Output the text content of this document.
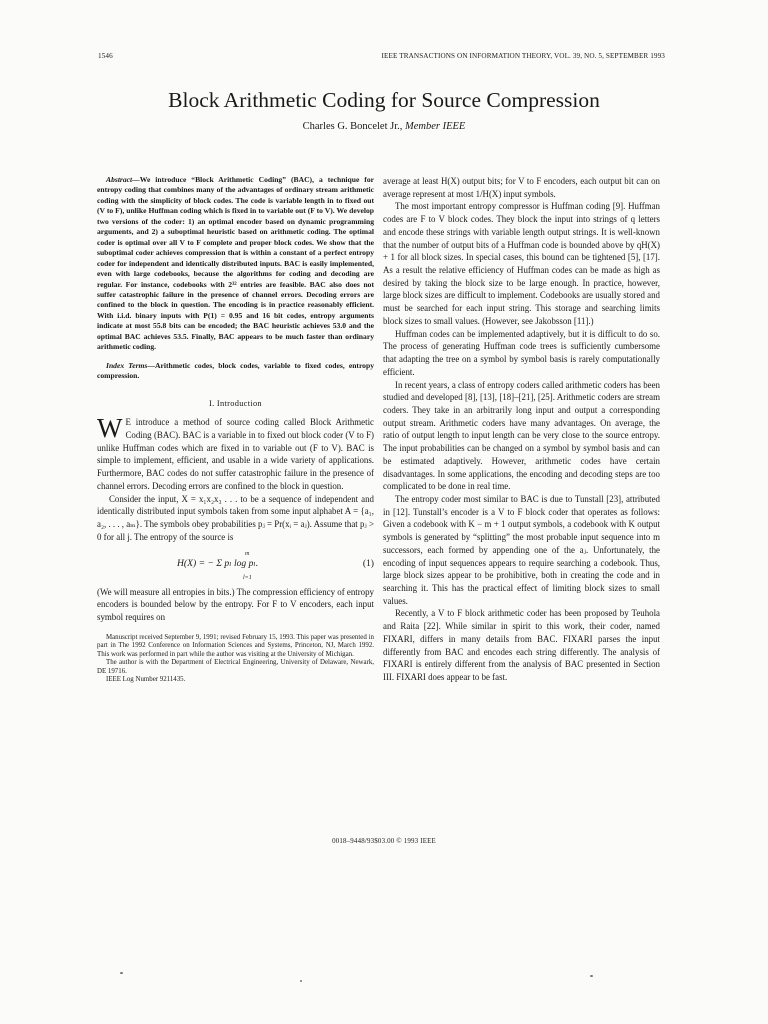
1546	IEEE TRANSACTIONS ON INFORMATION THEORY, VOL. 39, NO. 5, SEPTEMBER 1993
Block Arithmetic Coding for Source Compression
Charles G. Boncelet Jr., Member IEEE

Abstract—We introduce “Block Arithmetic Coding” (BAC), a technique for entropy coding that combines many of the advantages of ordinary stream arithmetic coding with the simplicity of block codes. The code is variable length in to fixed out (V to F), unlike Huffman coding which is fixed in to variable out (F to V). We develop two versions of the coder: 1) an optimal encoder based on dynamic programming arguments, and 2) a suboptimal heuristic based on arithmetic coding. The optimal coder is optimal over all V to F complete and proper block codes. We show that the suboptimal coder achieves compression that is within a constant of a perfect entropy coder for independent and identically distributed inputs. BAC is easily implemented, even with large codebooks, because the algorithms for coding and decoding are regular. For instance, codebooks with 2³² entries are feasible. BAC also does not suffer catastrophic failure in the presence of channel errors. Decoding errors are confined to the block in question. The encoding is in practice reasonably efficient. With i.i.d. binary inputs with P(1) = 0.95 and 16 bit codes, entropy arguments indicate at most 55.8 bits can be encoded; the BAC heuristic achieves 53.0 and the optimal BAC achieves 53.5. Finally, BAC appears to be much faster than ordinary arithmetic coding.

Index Terms—Arithmetic codes, block codes, variable to fixed codes, entropy compression.

I. Introduction

W E introduce a method of source coding called Block Arithmetic Coding (BAC). BAC is a variable in to fixed out block coder (V to F) unlike Huffman codes which are fixed in to variable out (F to V). BAC is simple to implement, efficient, and usable in a wide variety of applications. Furthermore, BAC codes do not suffer catastrophic failure in the presence of channel errors. Decoding errors are confined to the block in question.

Consider the input, X = x₁x₂x₃ . . . to be a sequence of independent and identically distributed input symbols taken from some input alphabet A = {a₁, a₂, . . . , aₘ}. The symbols obey probabilities pⱼ = Pr(xᵢ = aⱼ). Assume that pⱼ > 0 for all j. The entropy of the source is

H(X) = − Σ pₗ log pₗ.
m
l=1
(1)

(We will measure all entropies in bits.) The compression efficiency of entropy encoders is bounded below by the entropy. For F to V encoders, each input symbol requires on

Manuscript received September 9, 1991; revised February 15, 1993. This paper was presented in part in The 1992 Conference on Information Sciences and Systems, Princeton, NJ, March 1992. This work was performed in part while the author was visiting at the University of Michigan.

The author is with the Department of Electrical Engineering, University of Delaware, Newark, DE 19716.

IEEE Log Number 9211435.

average at least H(X) output bits; for V to F encoders, each output bit can on average represent at most 1/H(X) input symbols.

The most important entropy compressor is Huffman coding [9]. Huffman codes are F to V block codes. They block the input into strings of q letters and encode these strings with variable length output strings. It is well-known that the number of output bits of a Huffman code is bounded above by qH(X) + 1 for all block sizes. In special cases, this bound can be tightened [5], [17]. As a result the relative efficiency of Huffman codes can be made as high as desired by taking the block size to be large enough. In practice, however, large block sizes are difficult to implement. Codebooks are usually stored and must be searched for each input string. This storage and searching limits block sizes to small values. (However, see Jakobsson [11].)

Huffman codes can be implemented adaptively, but it is difficult to do so. The process of generating Huffman code trees is sufficiently cumbersome that adapting the tree on a symbol by symbol basis is rarely computationally efficient.

In recent years, a class of entropy coders called arithmetic coders has been studied and developed [8], [13], [18]–[21], [25]. Arithmetic coders are stream coders. They take in an arbitrarily long input and output a corresponding output stream. Arithmetic coders have many advantages. On average, the ratio of output length to input length can be very close to the source entropy. The input probabilities can be changed on a symbol by symbol basis and can be estimated adaptively. However, arithmetic codes have certain disadvantages. In some applications, the encoding and decoding steps are too complicated to be done in real time.

The entropy coder most similar to BAC is due to Tunstall [23], attributed in [12]. Tunstall’s encoder is a V to F block coder that operates as follows: Given a codebook with K − m + 1 output symbols, a codebook with K output symbols is generated by “splitting” the most probable input sequence into m successors, each formed by appending one of the aⱼ. Unfortunately, the encoding of input sequences appears to require searching a codebook. Thus, large block sizes appear to be prohibitive, both in creating the code and in searching it. This has the practical effect of limiting block sizes to small values.

Recently, a V to F block arithmetic coder has been proposed by Teuhola and Raita [22]. While similar in spirit to this work, their coder, named FIXARI, differs in many details from BAC. FIXARI parses the input differently from BAC and encodes each string differently. The analysis of FIXARI is entirely different from the analysis of BAC presented in Section III. FIXARI does appear to be fast.

0018–9448/93$03.00 © 1993 IEEE
